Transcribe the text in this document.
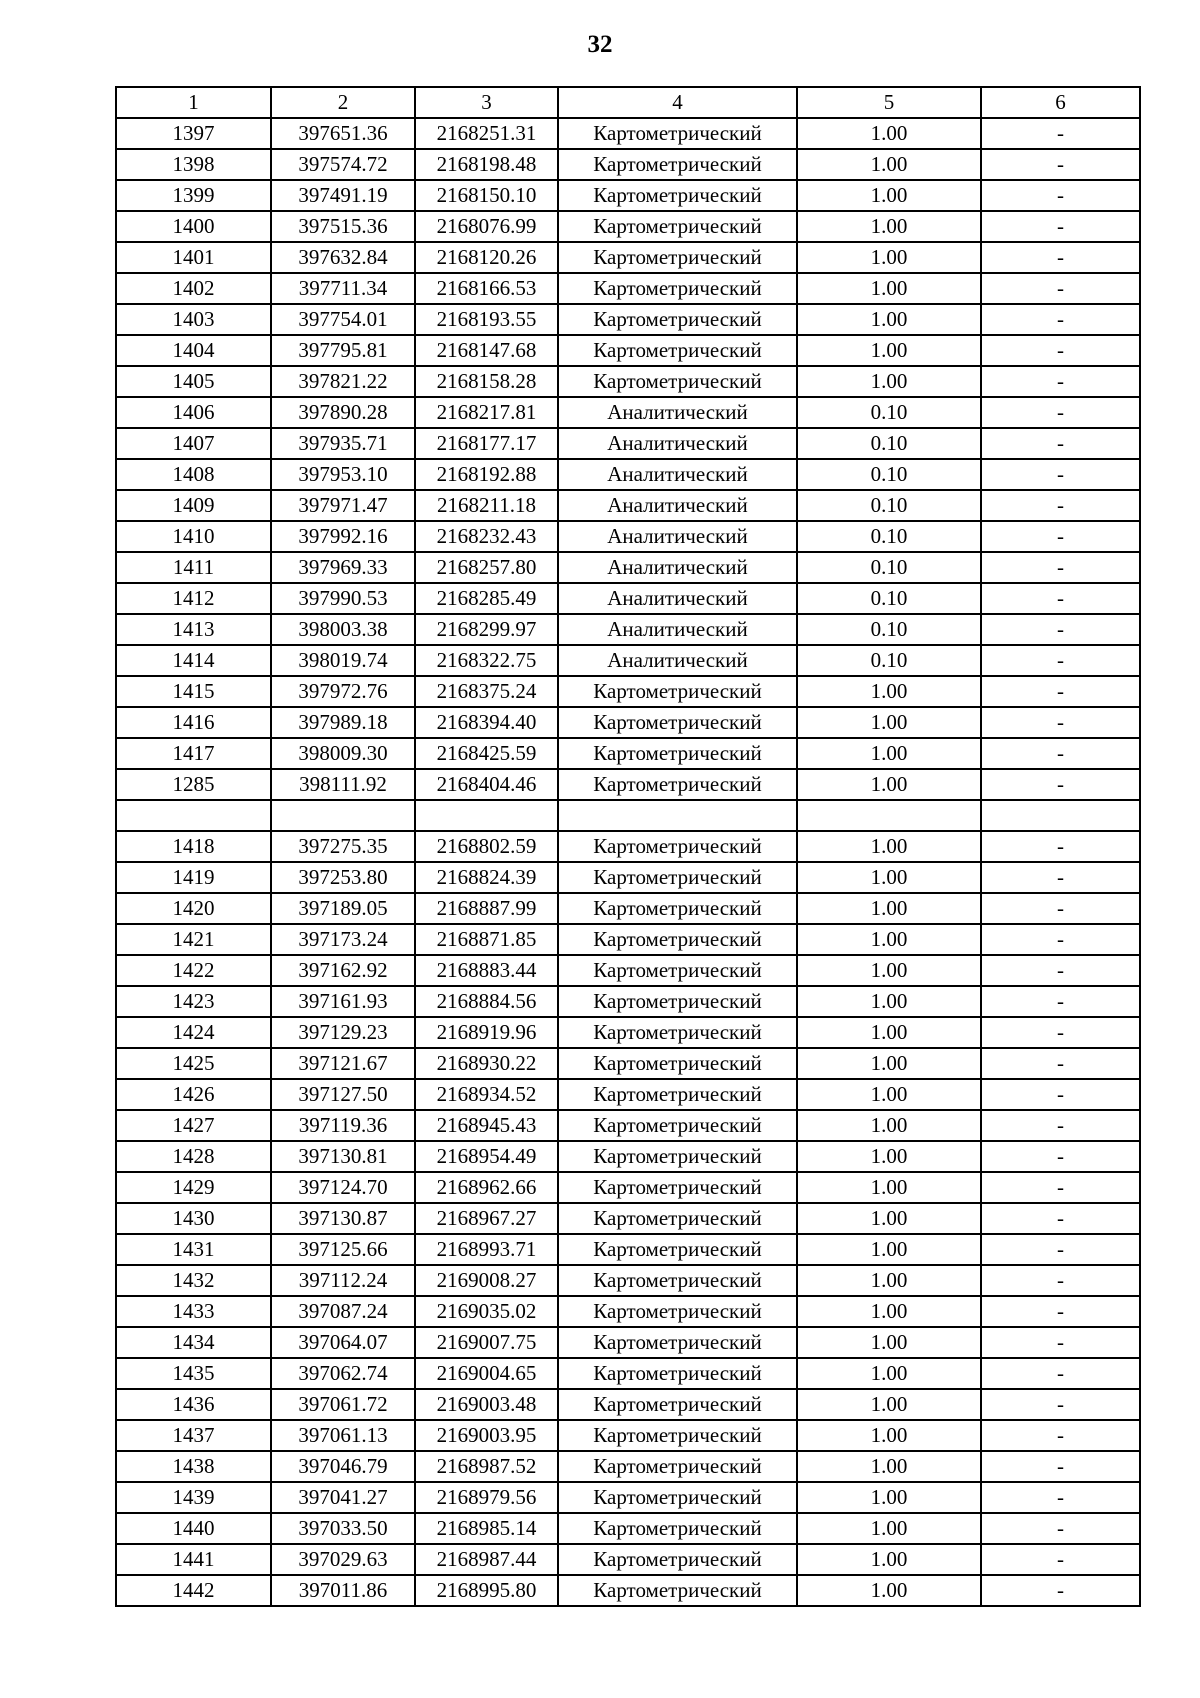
32
1	2	3	4	5	6
1397	397651.36	2168251.31	Картометрический	1.00	-
1398	397574.72	2168198.48	Картометрический	1.00	-
1399	397491.19	2168150.10	Картометрический	1.00	-
1400	397515.36	2168076.99	Картометрический	1.00	-
1401	397632.84	2168120.26	Картометрический	1.00	-
1402	397711.34	2168166.53	Картометрический	1.00	-
1403	397754.01	2168193.55	Картометрический	1.00	-
1404	397795.81	2168147.68	Картометрический	1.00	-
1405	397821.22	2168158.28	Картометрический	1.00	-
1406	397890.28	2168217.81	Аналитический	0.10	-
1407	397935.71	2168177.17	Аналитический	0.10	-
1408	397953.10	2168192.88	Аналитический	0.10	-
1409	397971.47	2168211.18	Аналитический	0.10	-
1410	397992.16	2168232.43	Аналитический	0.10	-
1411	397969.33	2168257.80	Аналитический	0.10	-
1412	397990.53	2168285.49	Аналитический	0.10	-
1413	398003.38	2168299.97	Аналитический	0.10	-
1414	398019.74	2168322.75	Аналитический	0.10	-
1415	397972.76	2168375.24	Картометрический	1.00	-
1416	397989.18	2168394.40	Картометрический	1.00	-
1417	398009.30	2168425.59	Картометрический	1.00	-
1285	398111.92	2168404.46	Картометрический	1.00	-

1418	397275.35	2168802.59	Картометрический	1.00	-
1419	397253.80	2168824.39	Картометрический	1.00	-
1420	397189.05	2168887.99	Картометрический	1.00	-
1421	397173.24	2168871.85	Картометрический	1.00	-
1422	397162.92	2168883.44	Картометрический	1.00	-
1423	397161.93	2168884.56	Картометрический	1.00	-
1424	397129.23	2168919.96	Картометрический	1.00	-
1425	397121.67	2168930.22	Картометрический	1.00	-
1426	397127.50	2168934.52	Картометрический	1.00	-
1427	397119.36	2168945.43	Картометрический	1.00	-
1428	397130.81	2168954.49	Картометрический	1.00	-
1429	397124.70	2168962.66	Картометрический	1.00	-
1430	397130.87	2168967.27	Картометрический	1.00	-
1431	397125.66	2168993.71	Картометрический	1.00	-
1432	397112.24	2169008.27	Картометрический	1.00	-
1433	397087.24	2169035.02	Картометрический	1.00	-
1434	397064.07	2169007.75	Картометрический	1.00	-
1435	397062.74	2169004.65	Картометрический	1.00	-
1436	397061.72	2169003.48	Картометрический	1.00	-
1437	397061.13	2169003.95	Картометрический	1.00	-
1438	397046.79	2168987.52	Картометрический	1.00	-
1439	397041.27	2168979.56	Картометрический	1.00	-
1440	397033.50	2168985.14	Картометрический	1.00	-
1441	397029.63	2168987.44	Картометрический	1.00	-
1442	397011.86	2168995.80	Картометрический	1.00	-
